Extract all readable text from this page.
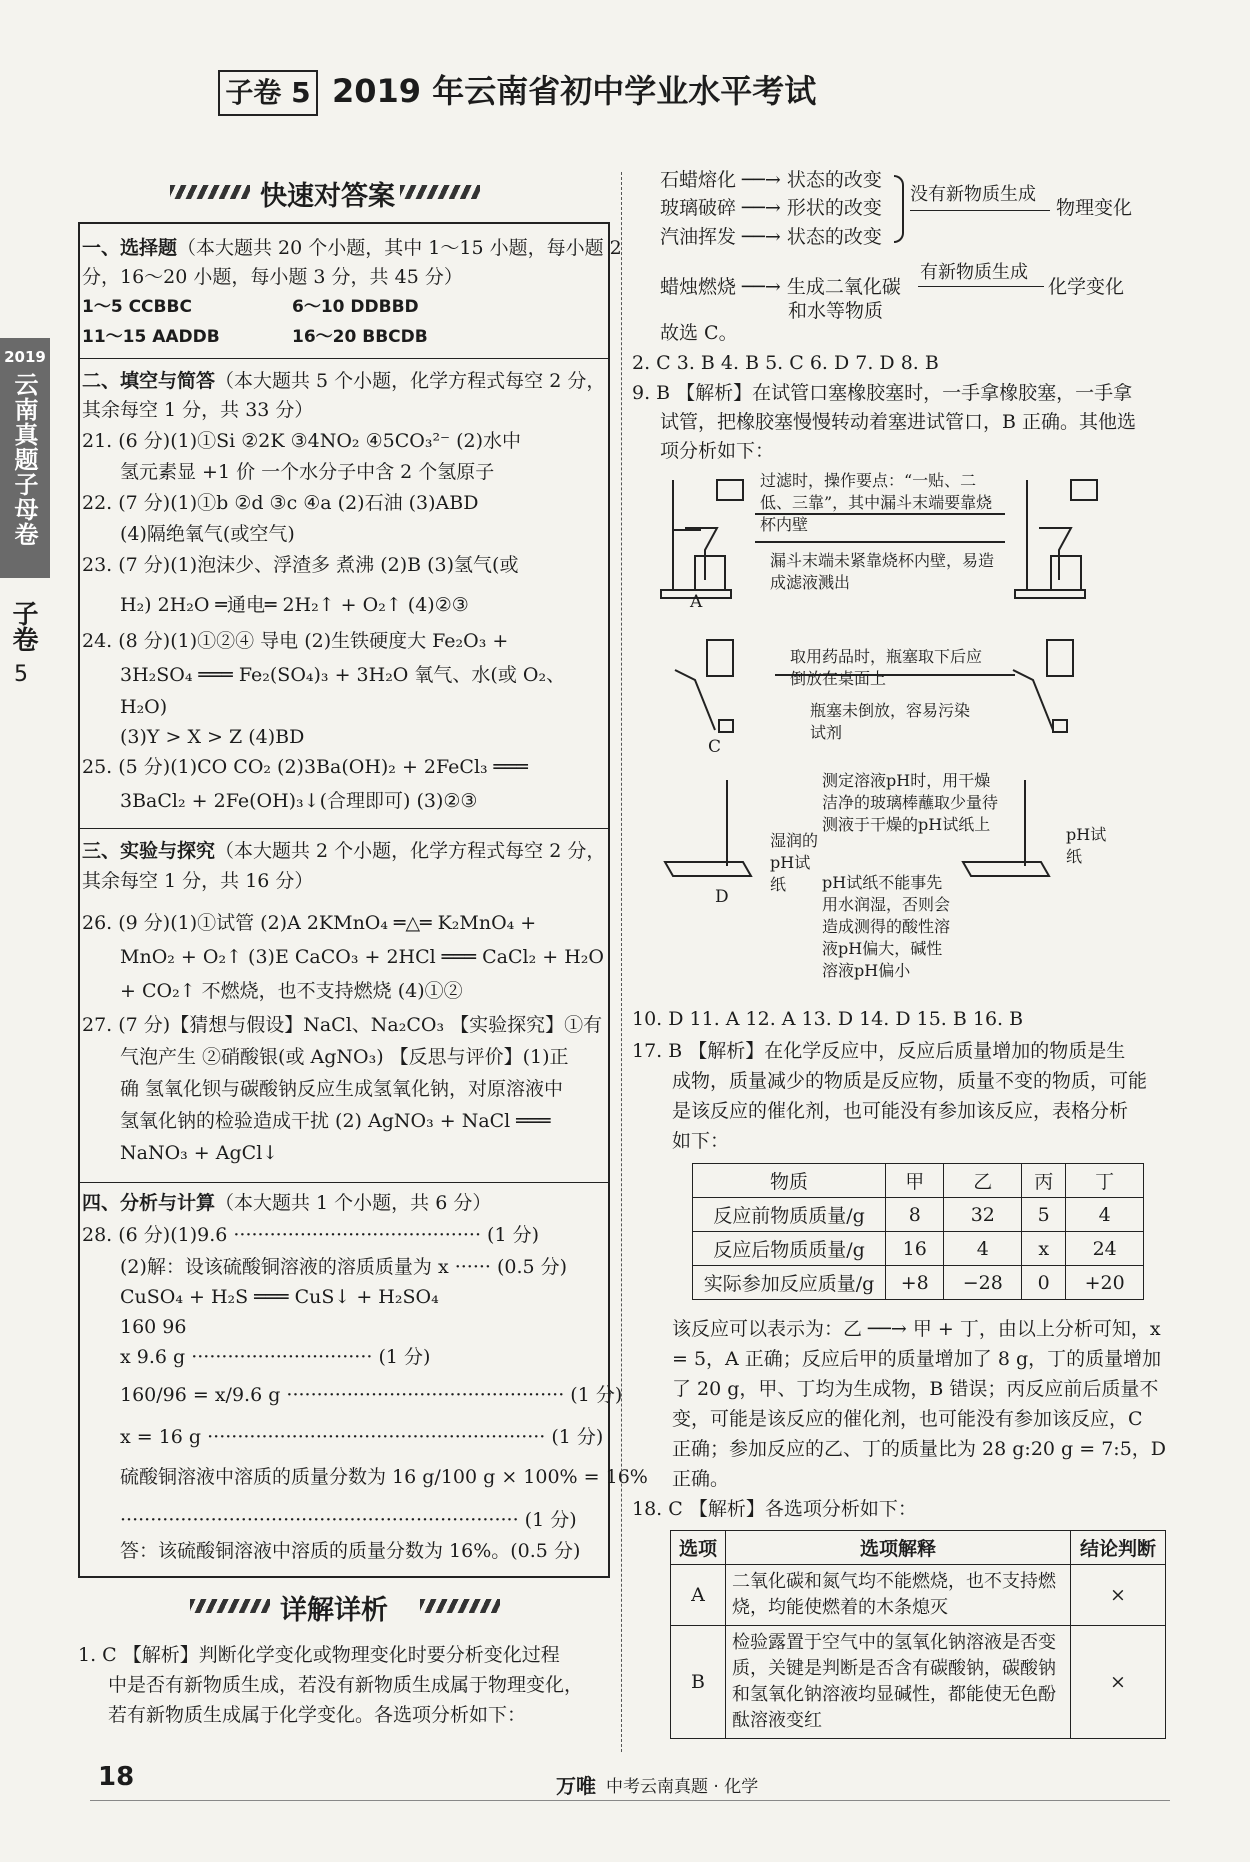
子卷 5 2019 年云南省初中学业水平考试
2019
云南真题子母卷
子卷
5
快速对答案
一、选择题（本大题共 20 个小题，其中 1～15 小题，每小题 2
分，16～20 小题，每小题 3 分，共 45 分）
1～5 CCBBC	6～10 DDBBD
11～15 AADDB	16～20 BBCDB
二、填空与简答（本大题共 5 个小题，化学方程式每空 2 分，
其余每空 1 分，共 33 分）
21. (6 分)(1)①Si ②2K ③4NO₂ ④5CO₃²⁻ (2)水中
氢元素显 +1 价 一个水分子中含 2 个氢原子
22. (7 分)(1)①b ②d ③c ④a (2)石油 (3)ABD
(4)隔绝氧气(或空气)
23. (7 分)(1)泡沫少、浮渣多 煮沸 (2)B (3)氢气(或
H₂) 2H₂O ═通电═ 2H₂↑ + O₂↑ (4)②③
24. (8 分)(1)①②④ 导电 (2)生铁硬度大 Fe₂O₃ +
3H₂SO₄ ═══ Fe₂(SO₄)₃ + 3H₂O 氧气、水(或 O₂、
H₂O)
(3)Y > X > Z (4)BD
25. (5 分)(1)CO CO₂ (2)3Ba(OH)₂ + 2FeCl₃ ═══
3BaCl₂ + 2Fe(OH)₃↓(合理即可) (3)②③
三、实验与探究（本大题共 2 个小题，化学方程式每空 2 分，
其余每空 1 分，共 16 分）
26. (9 分)(1)①试管 (2)A 2KMnO₄ ═△═ K₂MnO₄ +
MnO₂ + O₂↑ (3)E CaCO₃ + 2HCl ═══ CaCl₂ + H₂O
+ CO₂↑ 不燃烧，也不支持燃烧 (4)①②
27. (7 分)【猜想与假设】NaCl、Na₂CO₃ 【实验探究】①有
气泡产生 ②硝酸银(或 AgNO₃) 【反思与评价】(1)正
确 氢氧化钡与碳酸钠反应生成氢氧化钠，对原溶液中
氢氧化钠的检验造成干扰 (2) AgNO₃ + NaCl ═══
NaNO₃ + AgCl↓
四、分析与计算（本大题共 1 个小题，共 6 分）
28. (6 分)(1)9.6 ········································· (1 分)
(2)解：设该硫酸铜溶液的溶质质量为 x ······ (0.5 分)
CuSO₄ + H₂S ═══ CuS↓ + H₂SO₄
160 96
x 9.6 g ······························ (1 分)
160/96 = x/9.6 g ·············································· (1 分)
x = 16 g ························································ (1 分)
硫酸铜溶液中溶质的质量分数为 16 g/100 g × 100% = 16%
·································································· (1 分)
答：该硫酸铜溶液中溶质的质量分数为 16%。(0.5 分)
详解详析
1. C 【解析】判断化学变化或物理变化时要分析变化过程
中是否有新物质生成，若没有新物质生成属于物理变化，
若有新物质生成属于化学变化。各选项分析如下：
石蜡熔化 ──→ 状态的改变
玻璃破碎 ──→ 形状的改变
汽油挥发 ──→ 状态的改变
没有新物质生成
物理变化
蜡烛燃烧 ──→ 生成二氧化碳
和水等物质
有新物质生成
化学变化
故选 C。
2. C 3. B 4. B 5. C 6. D 7. D 8. B
9. B 【解析】在试管口塞橡胶塞时，一手拿橡胶塞，一手拿
试管，把橡胶塞慢慢转动着塞进试管口，B 正确。其他选
项分析如下：
过滤时，操作要点：“一贴、二低、三靠”，其中漏斗末端要靠烧杯内壁
漏斗末端未紧靠烧杯内壁，易造成滤液溅出
A
取用药品时，瓶塞取下后应倒放在桌面上
瓶塞未倒放，容易污染试剂
C
测定溶液pH时，用干燥洁净的玻璃棒蘸取少量待测液于干燥的pH试纸上
pH试纸不能事先用水润湿，否则会造成测得的酸性溶液pH偏大，碱性溶液pH偏小
湿润的pH试纸
pH试纸
D
10. D 11. A 12. A 13. D 14. D 15. B 16. B
17. B 【解析】在化学反应中，反应后质量增加的物质是生
成物，质量减少的物质是反应物，质量不变的物质，可能
是该反应的催化剂，也可能没有参加该反应，表格分析
如下：
物质	甲	乙	丙	丁
反应前物质质量/g	8	32	5	4
反应后物质质量/g	16	4	x	24
实际参加反应质量/g	+8	−28	0	+20
该反应可以表示为：乙 ──→ 甲 + 丁，由以上分析可知，x
= 5，A 正确；反应后甲的质量增加了 8 g，丁的质量增加
了 20 g，甲、丁均为生成物，B 错误；丙反应前后质量不
变，可能是该反应的催化剂，也可能没有参加该反应，C
正确；参加反应的乙、丁的质量比为 28 g:20 g = 7:5，D
正确。
18. C 【解析】各选项分析如下：
选项	选项解释	结论判断
A	二氧化碳和氮气均不能燃烧，也不支持燃烧，均能使燃着的木条熄灭	×
B	检验露置于空气中的氢氧化钠溶液是否变质，关键是判断是否含有碳酸钠，碳酸钠和氢氧化钠溶液均显碱性，都能使无色酚酞溶液变红	×
18	万唯 中考云南真题 · 化学
